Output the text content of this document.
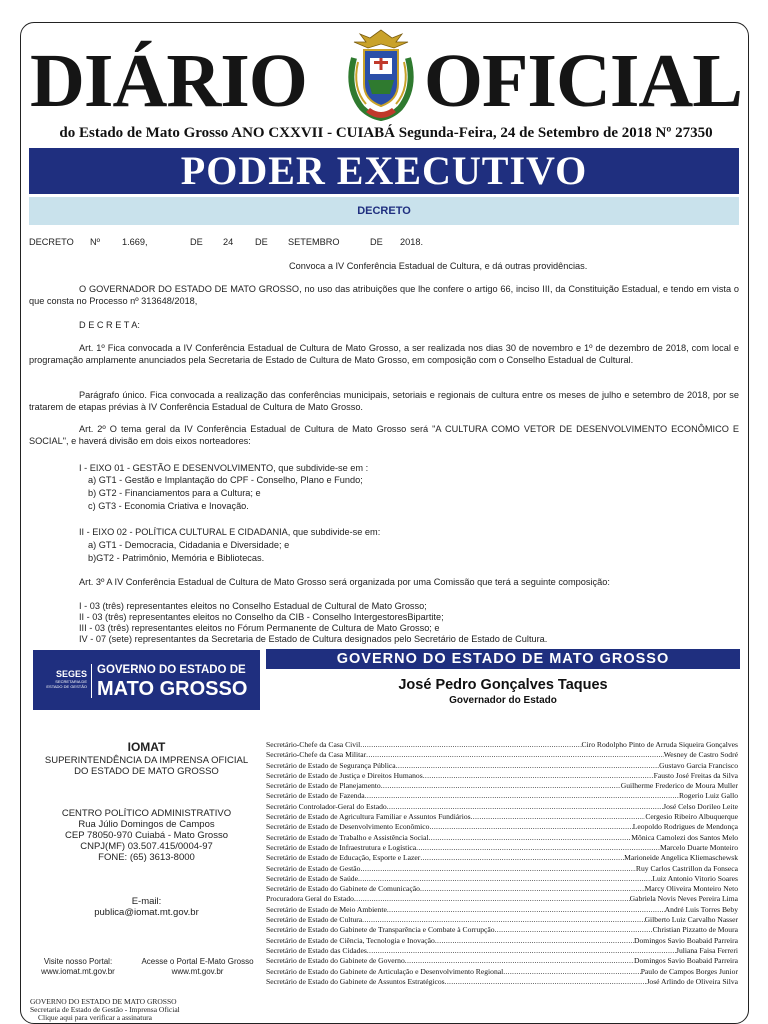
DIÁRIO OFICIAL
do Estado de Mato Grosso ANO CXXVII - CUIABÁ Segunda-Feira, 24 de Setembro de 2018 Nº 27350
PODER EXECUTIVO
DECRETO
DECRETO Nº 1.669,	DE 24 DE SETEMBRO	DE 2018.
Convoca a IV Conferência Estadual de Cultura, e dá outras providências.

O GOVERNADOR DO ESTADO DE MATO GROSSO, no uso das atribuições que lhe confere o artigo 66, inciso III, da Constituição Estadual, e tendo em vista o que consta no Processo nº 313648/2018,

D E C R E T A:

Art. 1º Fica convocada a IV Conferência Estadual de Cultura de Mato Grosso, a ser realizada nos dias 30 de novembro e 1º de dezembro de 2018, com local e programação amplamente anunciados pela Secretaria de Estado de Cultura de Mato Grosso, em composição com o Conselho Estadual de Cultural.

Parágrafo único. Fica convocada a realização das conferências municipais, setoriais e regionais de cultura entre os meses de julho e setembro de 2018, por se tratarem de etapas prévias à IV Conferência Estadual de Cultura de Mato Grosso.

Art. 2º O tema geral da IV Conferência Estadual de Cultura de Mato Grosso será "A CULTURA COMO VETOR DE DESENVOLVIMENTO ECONÔMICO E SOCIAL", e haverá divisão em dois eixos norteadores:

I - EIXO 01 - GESTÃO E DESENVOLVIMENTO, que subdivide-se em :
a) GT1 - Gestão e Implantação do CPF - Conselho, Plano e Fundo;
b) GT2 - Financiamentos para a Cultura; e
c) GT3 - Economia Criativa e Inovação.
II - EIXO 02 - POLÍTICA CULTURAL E CIDADANIA, que subdivide-se em:
a) GT1 - Democracia, Cidadania e Diversidade; e
b)GT2 - Patrimônio, Memória e Bibliotecas.
Art. 3º A IV Conferência Estadual de Cultura de Mato Grosso será organizada por uma Comissão que terá a seguinte composição:
I - 03 (três) representantes eleitos no Conselho Estadual de Cultural de Mato Grosso;
II - 03 (três) representantes eleitos no Conselho da CIB - Conselho IntergestoresBipartite;
III - 03 (três) representantes eleitos no Fórum Permanente de Cultura de Mato Grosso; e
IV - 07 (sete) representantes da Secretaria de Estado de Cultura designados pelo Secretário de Estado de Cultura.
SEGES
SECRETARIA DE
ESTADO DE GESTÃO
GOVERNO DO ESTADO DE
MATO GROSSO
IOMAT
SUPERINTENDÊNCIA DA IMPRENSA OFICIAL
DO ESTADO DE MATO GROSSO
CENTRO POLÍTICO ADMINISTRATIVO
Rua Júlio Domingos de Campos
CEP 78050-970 Cuiabá - Mato Grosso
CNPJ(MF) 03.507.415/0004-97
FONE: (65) 3613-8000
E-mail:
publica@iomat.mt.gov.br
Visite nosso Portal:
www.iomat.mt.gov.br
Acesse o Portal E-Mato Grosso
www.mt.gov.br
GOVERNO DO ESTADO DE MATO GROSSO
José Pedro Gonçalves Taques
Governador do Estado
Secretário-Chefe da Casa Civil .....	Ciro Rodolpho Pinto de Arruda Siqueira Gonçalves
Secretário-Chefe da Casa Militar .....	Wesney de Castro Sodré
Secretário de Estado de Segurança Pública .....	Gustavo Garcia Francisco
Secretário de Estado de Justiça e Direitos Humanos .....	Fausto José Freitas da Silva
Secretário de Estado de Planejamento .....	Guilherme Frederico de Moura Muller
Secretário de Estado de Fazenda .....	Rogerio Luiz Gallo
Secretário Controlador-Geral do Estado .....	José Celso Dorileo Leite
Secretário de Estado de Agricultura Familiar e Assuntos Fundiários .....	Cergesio Ribeiro Albuquerque
Secretário de Estado de Desenvolvimento Econômico .....	Leopoldo Rodrigues de Mendonça
Secretário de Estado de Trabalho e Assistência Social .....	Mônica Camolezi dos Santos Melo
Secretário de Estado de Infraestrutura e Logística .....	Marcelo Duarte Monteiro
Secretário de Estado de Educação, Esporte e Lazer .....	Marioneide Angelica Kliemaschewsk
Secretário de Estado de Gestão .....	Ruy Carlos Castrillon da Fonseca
Secretário de Estado de Saúde .....	Luiz Antonio Vitorio Soares
Secretário de Estado do Gabinete de Comunicação .....	Marcy Oliveira Monteiro Neto
Procuradora Geral do Estado .....	Gabriela Novis Neves Pereira Lima
Secretário de Estado de Meio Ambiente .....	André Luis Torres Beby
Secretário de Estado de Cultura .....	Gilberto Luiz Carvalho Nasser
Secretário de Estado do Gabinete de Transparência e Combate à Corrupção .....	Christian Pizzatto de Moura
Secretário de Estado de Ciência, Tecnologia e Inovação .....	Domingos Savio Boabaid Parreira
Secretário de Estado das Cidades .....	Juliana Faisa Ferreri
Secretário de Estado do Gabinete de Governo .....	Domingos Savio Boabaid Parreira
Secretário de Estado do Gabinete de Articulação e Desenvolvimento Regional .....	Paulo de Campos Borges Junior
Secretário de Estado do Gabinete de Assuntos Estratégicos .....	José Arlindo de Oliveira Silva
GOVERNO DO ESTADO DE MATO GROSSO
Secretaria de Estado de Gestão - Imprensa Oficial
Clique aqui para verificar a assinatura
